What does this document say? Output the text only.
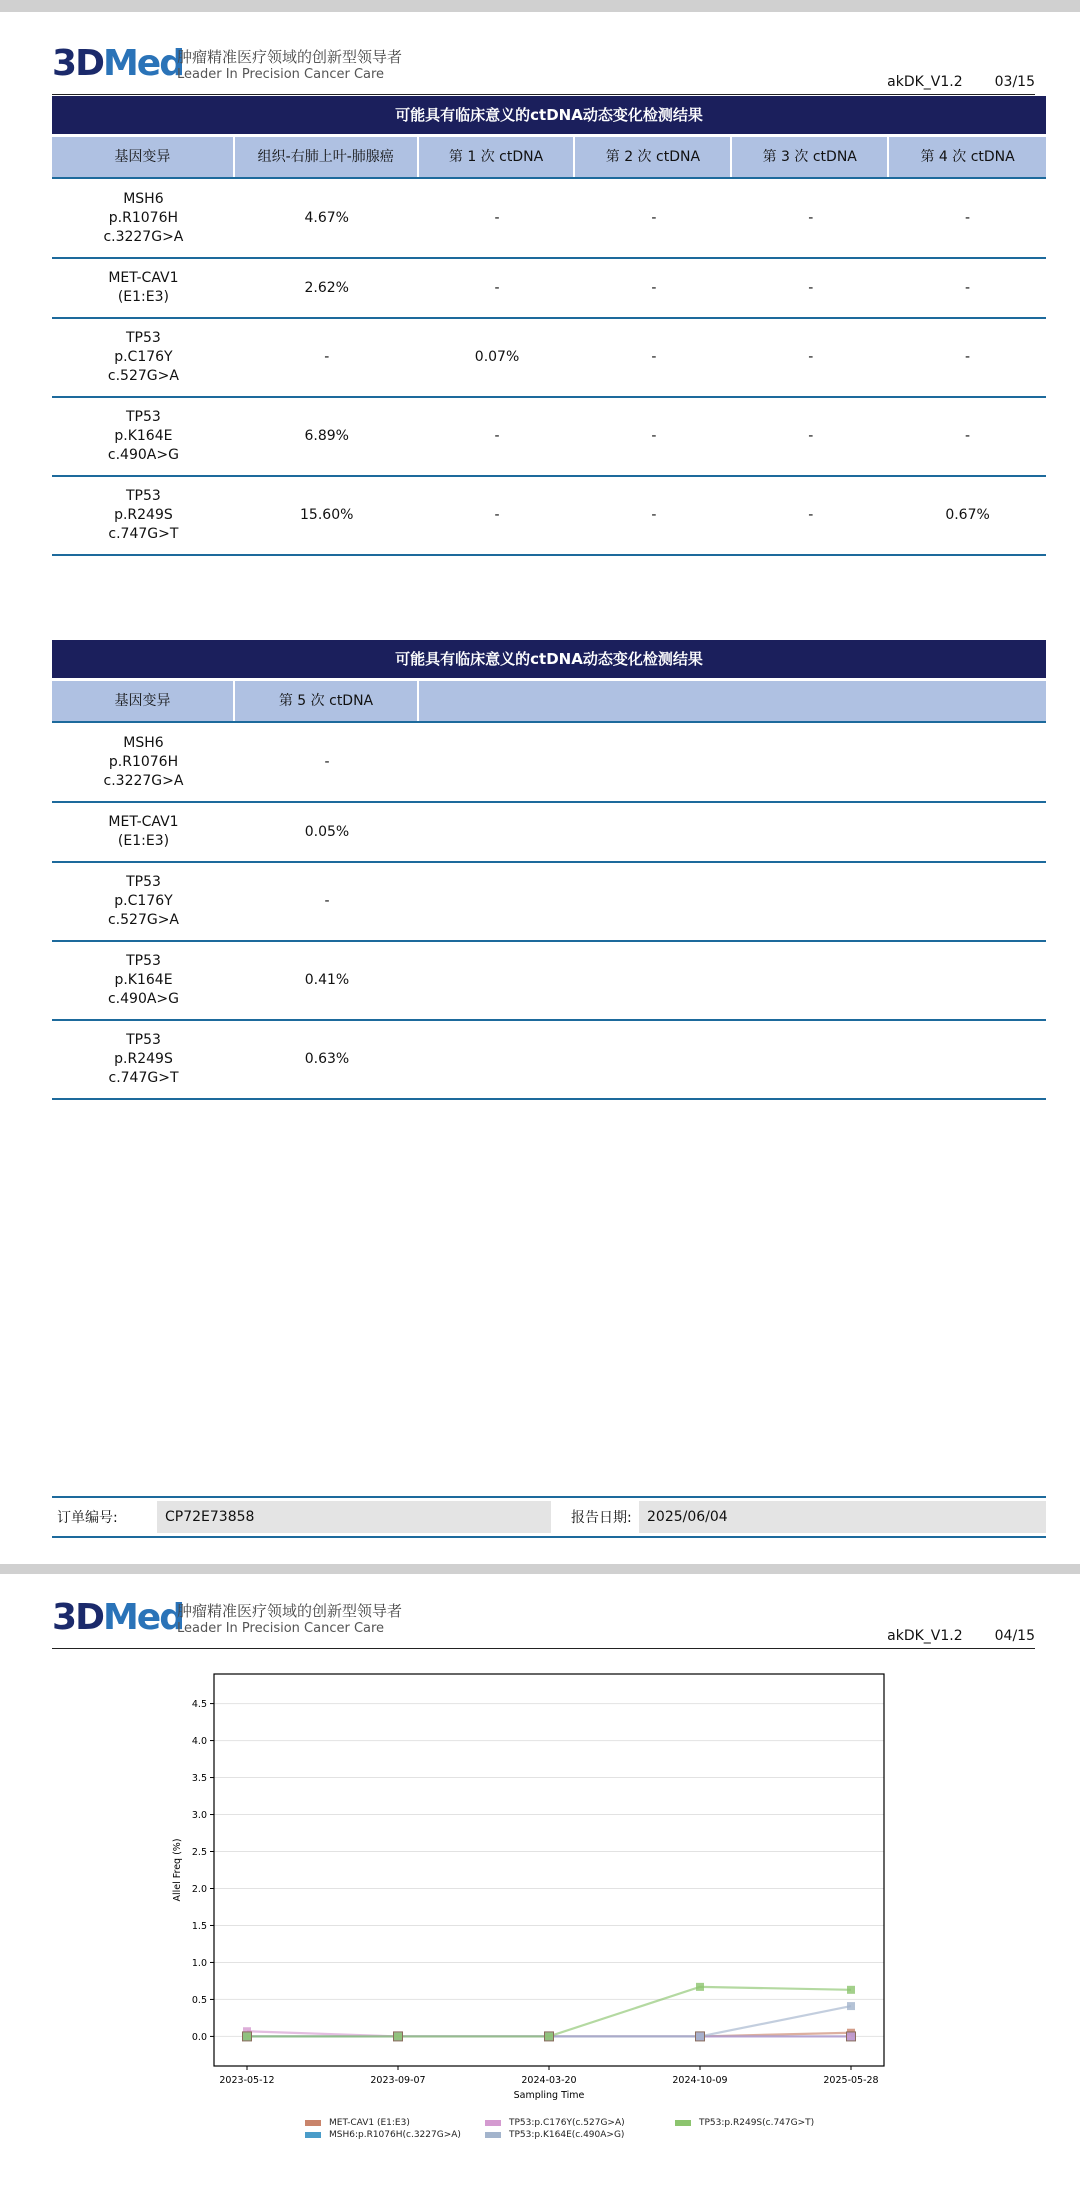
3DMed
肿瘤精准医疗领域的创新型领导者
Leader In Precision Cancer Care	akDK_V1.2 03/15
可能具有临床意义的ctDNA动态变化检测结果
基因变异	组织-右肺上叶-肺腺癌	第 1 次 ctDNA	第 2 次 ctDNA	第 3 次 ctDNA	第 4 次 ctDNA
MSH6
p.R1076H
c.3227G>A
4.67%	-	-	-	-
MET-CAV1
(E1:E3)
2.62%	-	-	-	-
TP53
p.C176Y
c.527G>A
-	0.07%	-	-	-
TP53
p.K164E
c.490A>G
6.89%	-	-	-	-
TP53
p.R249S
c.747G>T
15.60%	-	-	-	0.67%
可能具有临床意义的ctDNA动态变化检测结果
基因变异	第 5 次 ctDNA
MSH6
p.R1076H
c.3227G>A
-
MET-CAV1
(E1:E3)
0.05%
TP53
p.C176Y
c.527G>A
-
TP53
p.K164E
c.490A>G
0.41%
TP53
p.R249S
c.747G>T
0.63%
订单编号:	CP72E73858	报告日期:	2025/06/04
3DMed
肿瘤精准医疗领域的创新型领导者
Leader In Precision Cancer Care	akDK_V1.2 04/15
0.0
0.5
1.0
1.5
2.0
2.5
3.0
3.5
4.0
4.5
2023-05-12	2023-09-07	2024-03-20	2024-10-09	2025-05-28
Sampling Time
Allel Freq (%)
MET-CAV1 (E1:E3)	TP53:p.C176Y(c.527G>A)	TP53:p.R249S(c.747G>T)
MSH6:p.R1076H(c.3227G>A)	TP53:p.K164E(c.490A>G)
